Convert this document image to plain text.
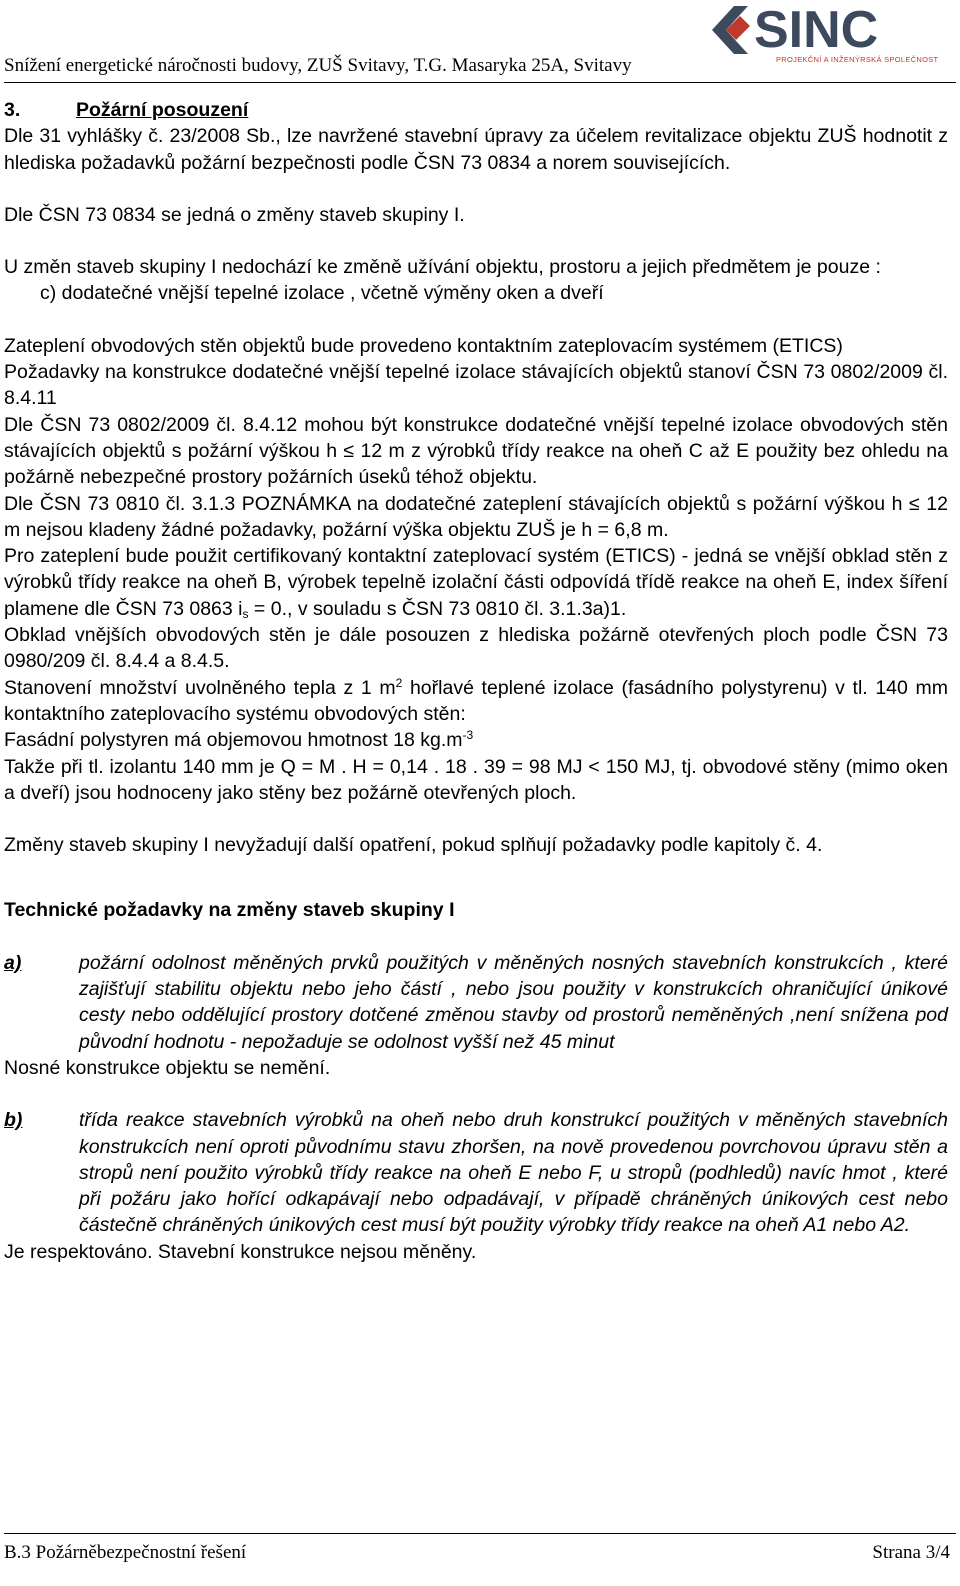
Snížení energetické náročnosti budovy, ZUŠ Svitavy, T.G. Masaryka 25A, Svitavy
SINC
PROJEKČNÍ A INŽENÝRSKÁ SPOLEČNOST

3.	Požární posouzení

Dle 31 vyhlášky č. 23/2008 Sb., lze navržené stavební úpravy za účelem revitalizace objektu ZUŠ hodnotit z hlediska požadavků požární bezpečnosti podle ČSN 73 0834 a norem souvisejících.

Dle ČSN 73 0834 se jedná o změny staveb skupiny I.

U změn staveb skupiny I nedochází ke změně užívání objektu, prostoru a jejich předmětem je pouze :

c) dodatečné vnější tepelné izolace , včetně výměny oken a dveří

Zateplení obvodových stěn objektů bude provedeno kontaktním zateplovacím systémem (ETICS)

Požadavky na konstrukce dodatečné vnější tepelné izolace stávajících objektů stanoví ČSN 73 0802/2009 čl. 8.4.11

Dle ČSN 73 0802/2009 čl. 8.4.12 mohou být konstrukce dodatečné vnější tepelné izolace obvodových stěn stávajících objektů s požární výškou h ≤ 12 m z výrobků třídy reakce na oheň C až E použity bez ohledu na požárně nebezpečné prostory požárních úseků téhož objektu.

Dle ČSN 73 0810 čl. 3.1.3 POZNÁMKA na dodatečné zateplení stávajících objektů s požární výškou h ≤ 12 m nejsou kladeny žádné požadavky, požární výška objektu ZUŠ je h = 6,8 m.

Pro zateplení bude použit certifikovaný kontaktní zateplovací systém (ETICS) - jedná se vnější obklad stěn z výrobků třídy reakce na oheň B, výrobek tepelně izolační části odpovídá třídě reakce na oheň E, index šíření plamene dle ČSN 73 0863 $i_s = 0$., v souladu s ČSN 73 0810 čl. 3.1.3a)1.

Obklad vnějších obvodových stěn je dále posouzen z hlediska požárně otevřených ploch podle ČSN 73 0980/209 čl. 8.4.4 a 8.4.5.

Stanovení množství uvolněného tepla z 1 $m^2$ hořlavé teplené izolace (fasádního polystyrenu) v tl. 140 mm kontaktního zateplovacího systému obvodových stěn:

Fasádní polystyren má objemovou hmotnost 18 $kg.m^{-3}$

Takže při tl. izolantu 140 mm je Q = M . H = 0,14 . 18 . 39 = 98 MJ < 150 MJ, tj. obvodové stěny (mimo oken a dveří) jsou hodnoceny jako stěny bez požárně otevřených ploch.

Změny staveb skupiny I nevyžadují další opatření, pokud splňují požadavky podle kapitoly č. 4.

Technické požadavky na změny staveb skupiny I

a)	požární odolnost měněných prvků použitých v měněných nosných stavebních konstrukcích , které zajišťují stabilitu objektu nebo jeho částí , nebo jsou použity v konstrukcích ohraničující únikové cesty nebo oddělující prostory dotčené změnou stavby od prostorů neměněných ,není snížena pod původní hodnotu - nepožaduje se odolnost vyšší než 45 minut

Nosné konstrukce objektu se nemění.

b)	třída reakce stavebních výrobků na oheň nebo druh konstrukcí použitých v měněných stavebních konstrukcích není oproti původnímu stavu zhoršen, na nově provedenou povrchovou úpravu stěn a stropů není použito výrobků třídy reakce na oheň E nebo F, u stropů (podhledů) navíc hmot , které při požáru jako hořící odkapávají nebo odpadávají, v případě chráněných únikových cest nebo částečně chráněných únikových cest musí být použity výrobky třídy reakce na oheň A1 nebo A2.

Je respektováno. Stavební konstrukce nejsou měněny.

B.3 Požárněbezpečnostní řešení	Strana 3/4
